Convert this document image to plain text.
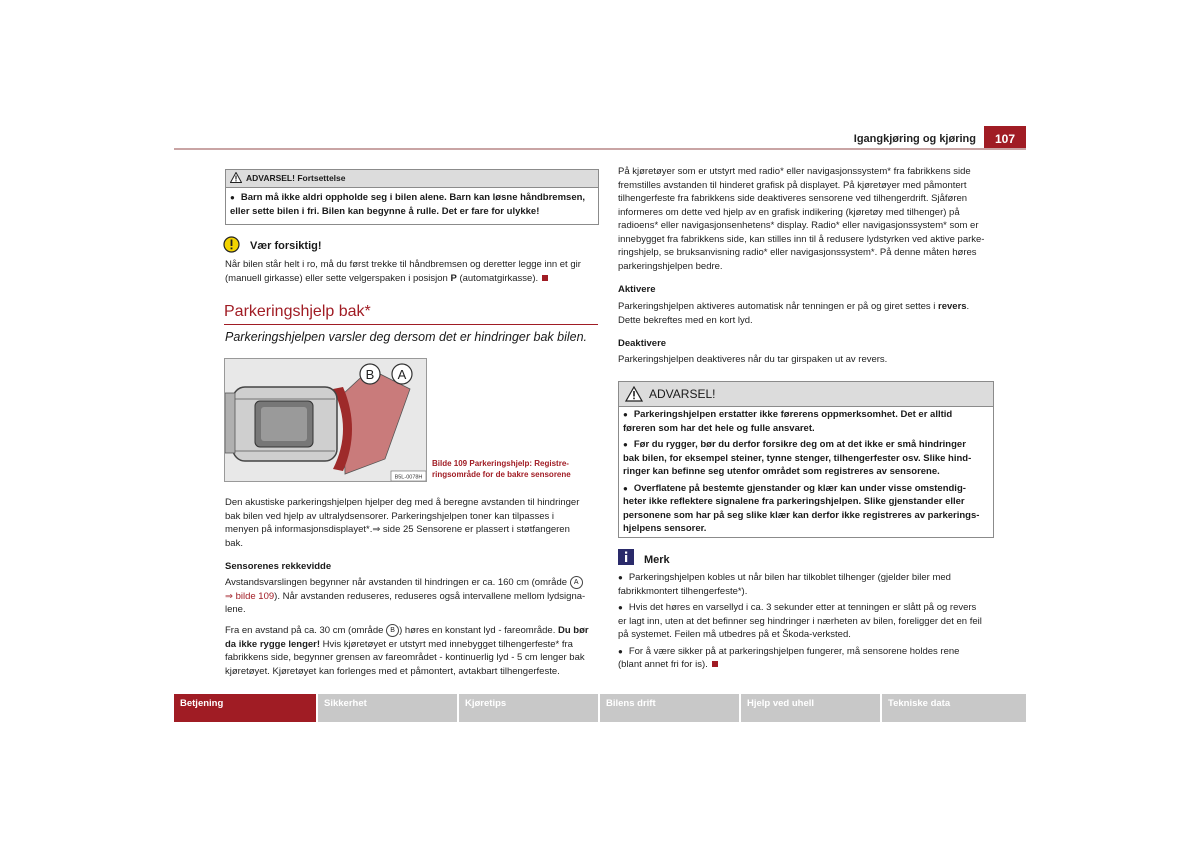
Igangkjøring og kjøring	107
ADVARSEL! Fortsettelse
● Barn må ikke aldri oppholde seg i bilen alene. Barn kan løsne håndbremsen,
eller sette bilen i fri. Bilen kan begynne å rulle. Det er fare for ulykke!
Vær forsiktig!
Når bilen står helt i ro, må du først trekke til håndbremsen og deretter legge inn et gir
(manuell girkasse) eller sette velgerspaken i posisjon P (automatgirkasse).
Parkeringshjelp bak*
Parkeringshjelpen varsler deg dersom det er hindringer bak bilen.
B A
B5L-0078H
Bilde 109 Parkeringshjelp: Registre-
ringsområde for de bakre sensorene
Den akustiske parkeringshjelpen hjelper deg med å beregne avstanden til hindringer
bak bilen ved hjelp av ultralydsensorer. Parkeringshjelpen toner kan tilpasses i
menyen på informasjonsdisplayet*.⇒ side 25 Sensorene er plassert i støtfangeren
bak.
Sensorenes rekkevidde
Avstandsvarslingen begynner når avstanden til hindringen er ca. 160 cm (område A
⇒ bilde 109). Når avstanden reduseres, reduseres også intervallene mellom lydsigna-
lene.
Fra en avstand på ca. 30 cm (område B ) høres en konstant lyd - fareområde. Du bør
da ikke rygge lenger! Hvis kjøretøyet er utstyrt med innebygget tilhengerfeste* fra
fabrikkens side, begynner grensen av fareområdet - kontinuerlig lyd - 5 cm lenger bak
kjøretøyet. Kjøretøyet kan forlenges med et påmontert, avtakbart tilhengerfeste.
På kjøretøyer som er utstyrt med radio* eller navigasjonssystem* fra fabrikkens side
fremstilles avstanden til hinderet grafisk på displayet. På kjøretøyer med påmontert
tilhengerfeste fra fabrikkens side deaktiveres sensorene ved tilhengerdrift. Sjåføren
informeres om dette ved hjelp av en grafisk indikering (kjøretøy med tilhenger) på
radioens* eller navigasjonsenhetens* display. Radio* eller navigasjonssystem* som er
innebygget fra fabrikkens side, kan stilles inn til å redusere lydstyrken ved aktive parke-
ringshjelp, se bruksanvisning radio* eller navigasjonssystem*. På denne måten høres
parkeringshjelpen bedre.
Aktivere
Parkeringshjelpen aktiveres automatisk når tenningen er på og giret settes i revers.
Dette bekreftes med en kort lyd.
Deaktivere
Parkeringshjelpen deaktiveres når du tar girspaken ut av revers.
ADVARSEL!
● Parkeringshjelpen erstatter ikke førerens oppmerksomhet. Det er alltid
føreren som har det hele og fulle ansvaret.
● Før du rygger, bør du derfor forsikre deg om at det ikke er små hindringer
bak bilen, for eksempel steiner, tynne stenger, tilhengerfester osv. Slike hind-
ringer kan befinne seg utenfor området som registreres av sensorene.
● Overflatene på bestemte gjenstander og klær kan under visse omstendig-
heter ikke reflektere signalene fra parkeringshjelpen. Slike gjenstander eller
personene som har på seg slike klær kan derfor ikke registreres av parkerings-
hjelpens sensorer.
Merk
● Parkeringshjelpen kobles ut når bilen har tilkoblet tilhenger (gjelder biler med
fabrikkmontert tilhengerfeste*).
● Hvis det høres en varsellyd i ca. 3 sekunder etter at tenningen er slått på og revers
er lagt inn, uten at det befinner seg hindringer i nærheten av bilen, foreligger det en feil
på systemet. Feilen må utbedres på et Škoda-verksted.
● For å være sikker på at parkeringshjelpen fungerer, må sensorene holdes rene
(blant annet fri for is).
Betjening	Sikkerhet	Kjøretips	Bilens drift	Hjelp ved uhell	Tekniske data
